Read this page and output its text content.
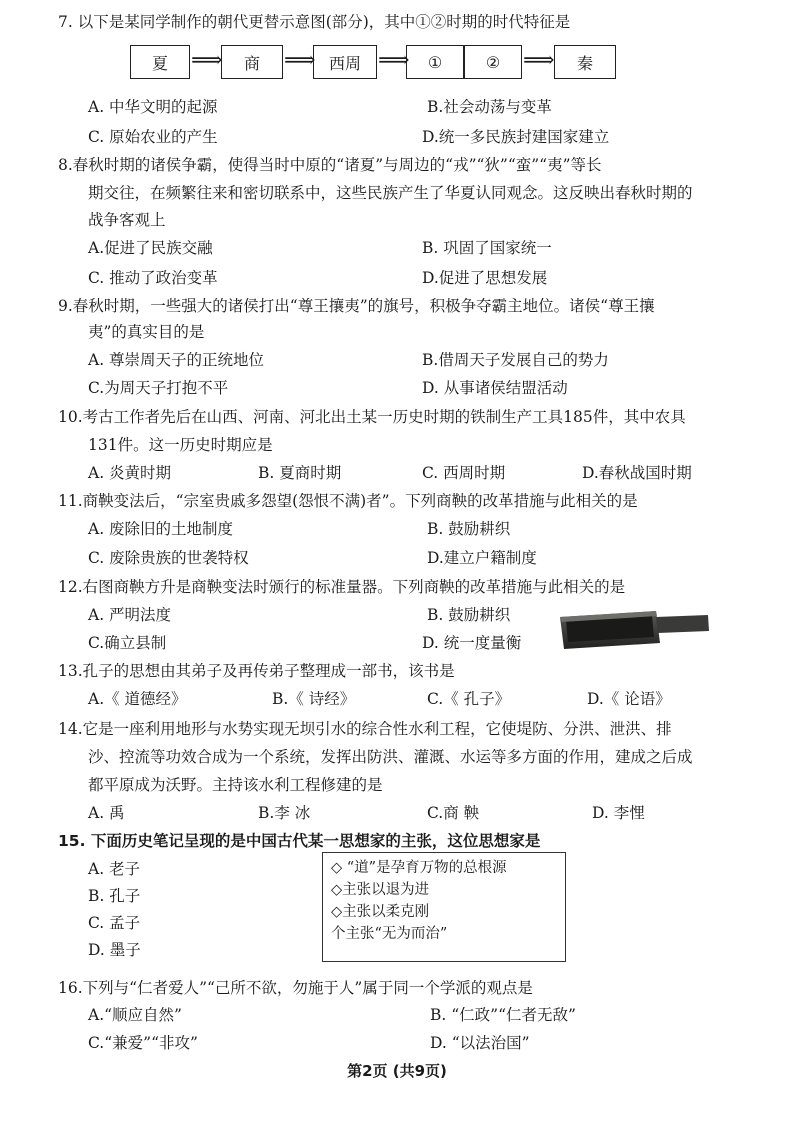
7. 以下是某同学制作的朝代更替示意图(部分)，其中①②时期的时代特征是
夏	⟹	商	⟹ 西周 ⟹	①	②	⟹	秦
A. 中华文明的起源	B.社会动荡与变革
C. 原始农业的产生	D.统一多民族封建国家建立
8.春秋时期的诸侯争霸，使得当时中原的“诸夏”与周边的“戎”“狄”“蛮”“夷”等长
期交往，在频繁往来和密切联系中，这些民族产生了华夏认同观念。这反映出春秋时期的
战争客观上
A.促进了民族交融	B. 巩固了国家统一
C. 推动了政治变革	D.促进了思想发展
9.春秋时期，一些强大的诸侯打出“尊王攘夷”的旗号，积极争夺霸主地位。诸侯“尊王攘
夷”的真实目的是
A. 尊崇周天子的正统地位	B.借周天子发展自己的势力
C.为周天子打抱不平	D. 从事诸侯结盟活动
10.考古工作者先后在山西、河南、河北出土某一历史时期的铁制生产工具185件，其中农具
131件。这一历史时期应是
A. 炎黄时期	B. 夏商时期	C. 西周时期	D.春秋战国时期
11.商鞅变法后，“宗室贵戚多怨望(怨恨不满)者”。下列商鞅的改革措施与此相关的是
A. 废除旧的土地制度	B. 鼓励耕织
C. 废除贵族的世袭特权	D.建立户籍制度
12.右图商鞅方升是商鞅变法时颁行的标准量器。下列商鞅的改革措施与此相关的是
A. 严明法度	B. 鼓励耕织
C.确立县制	D. 统一度量衡
13.孔子的思想由其弟子及再传弟子整理成一部书，该书是
A.《 道德经》	B.《 诗经》	C.《 孔子》	D.《 论语》
14.它是一座利用地形与水势实现无坝引水的综合性水利工程，它使堤防、分洪、泄洪、排
沙、控流等功效合成为一个系统，发挥出防洪、灌溉、水运等多方面的作用，建成之后成
都平原成为沃野。主持该水利工程修建的是
A. 禹	B.李 冰	C.商 鞅	D. 李悝
15. 下面历史笔记呈现的是中国古代某一思想家的主张，这位思想家是
A. 老子
B. 孔子
C. 孟子
D. 墨子
◇ “道”是孕育万物的总根源
◇主张以退为进
◇主张以柔克刚
个主张“无为而治”
16.下列与“仁者爱人”“己所不欲，勿施于人”属于同一个学派的观点是
A.“顺应自然”	B. “仁政”“仁者无敌”
C.“兼爱”“非攻”	D. “以法治国”
第2页 (共9页)
